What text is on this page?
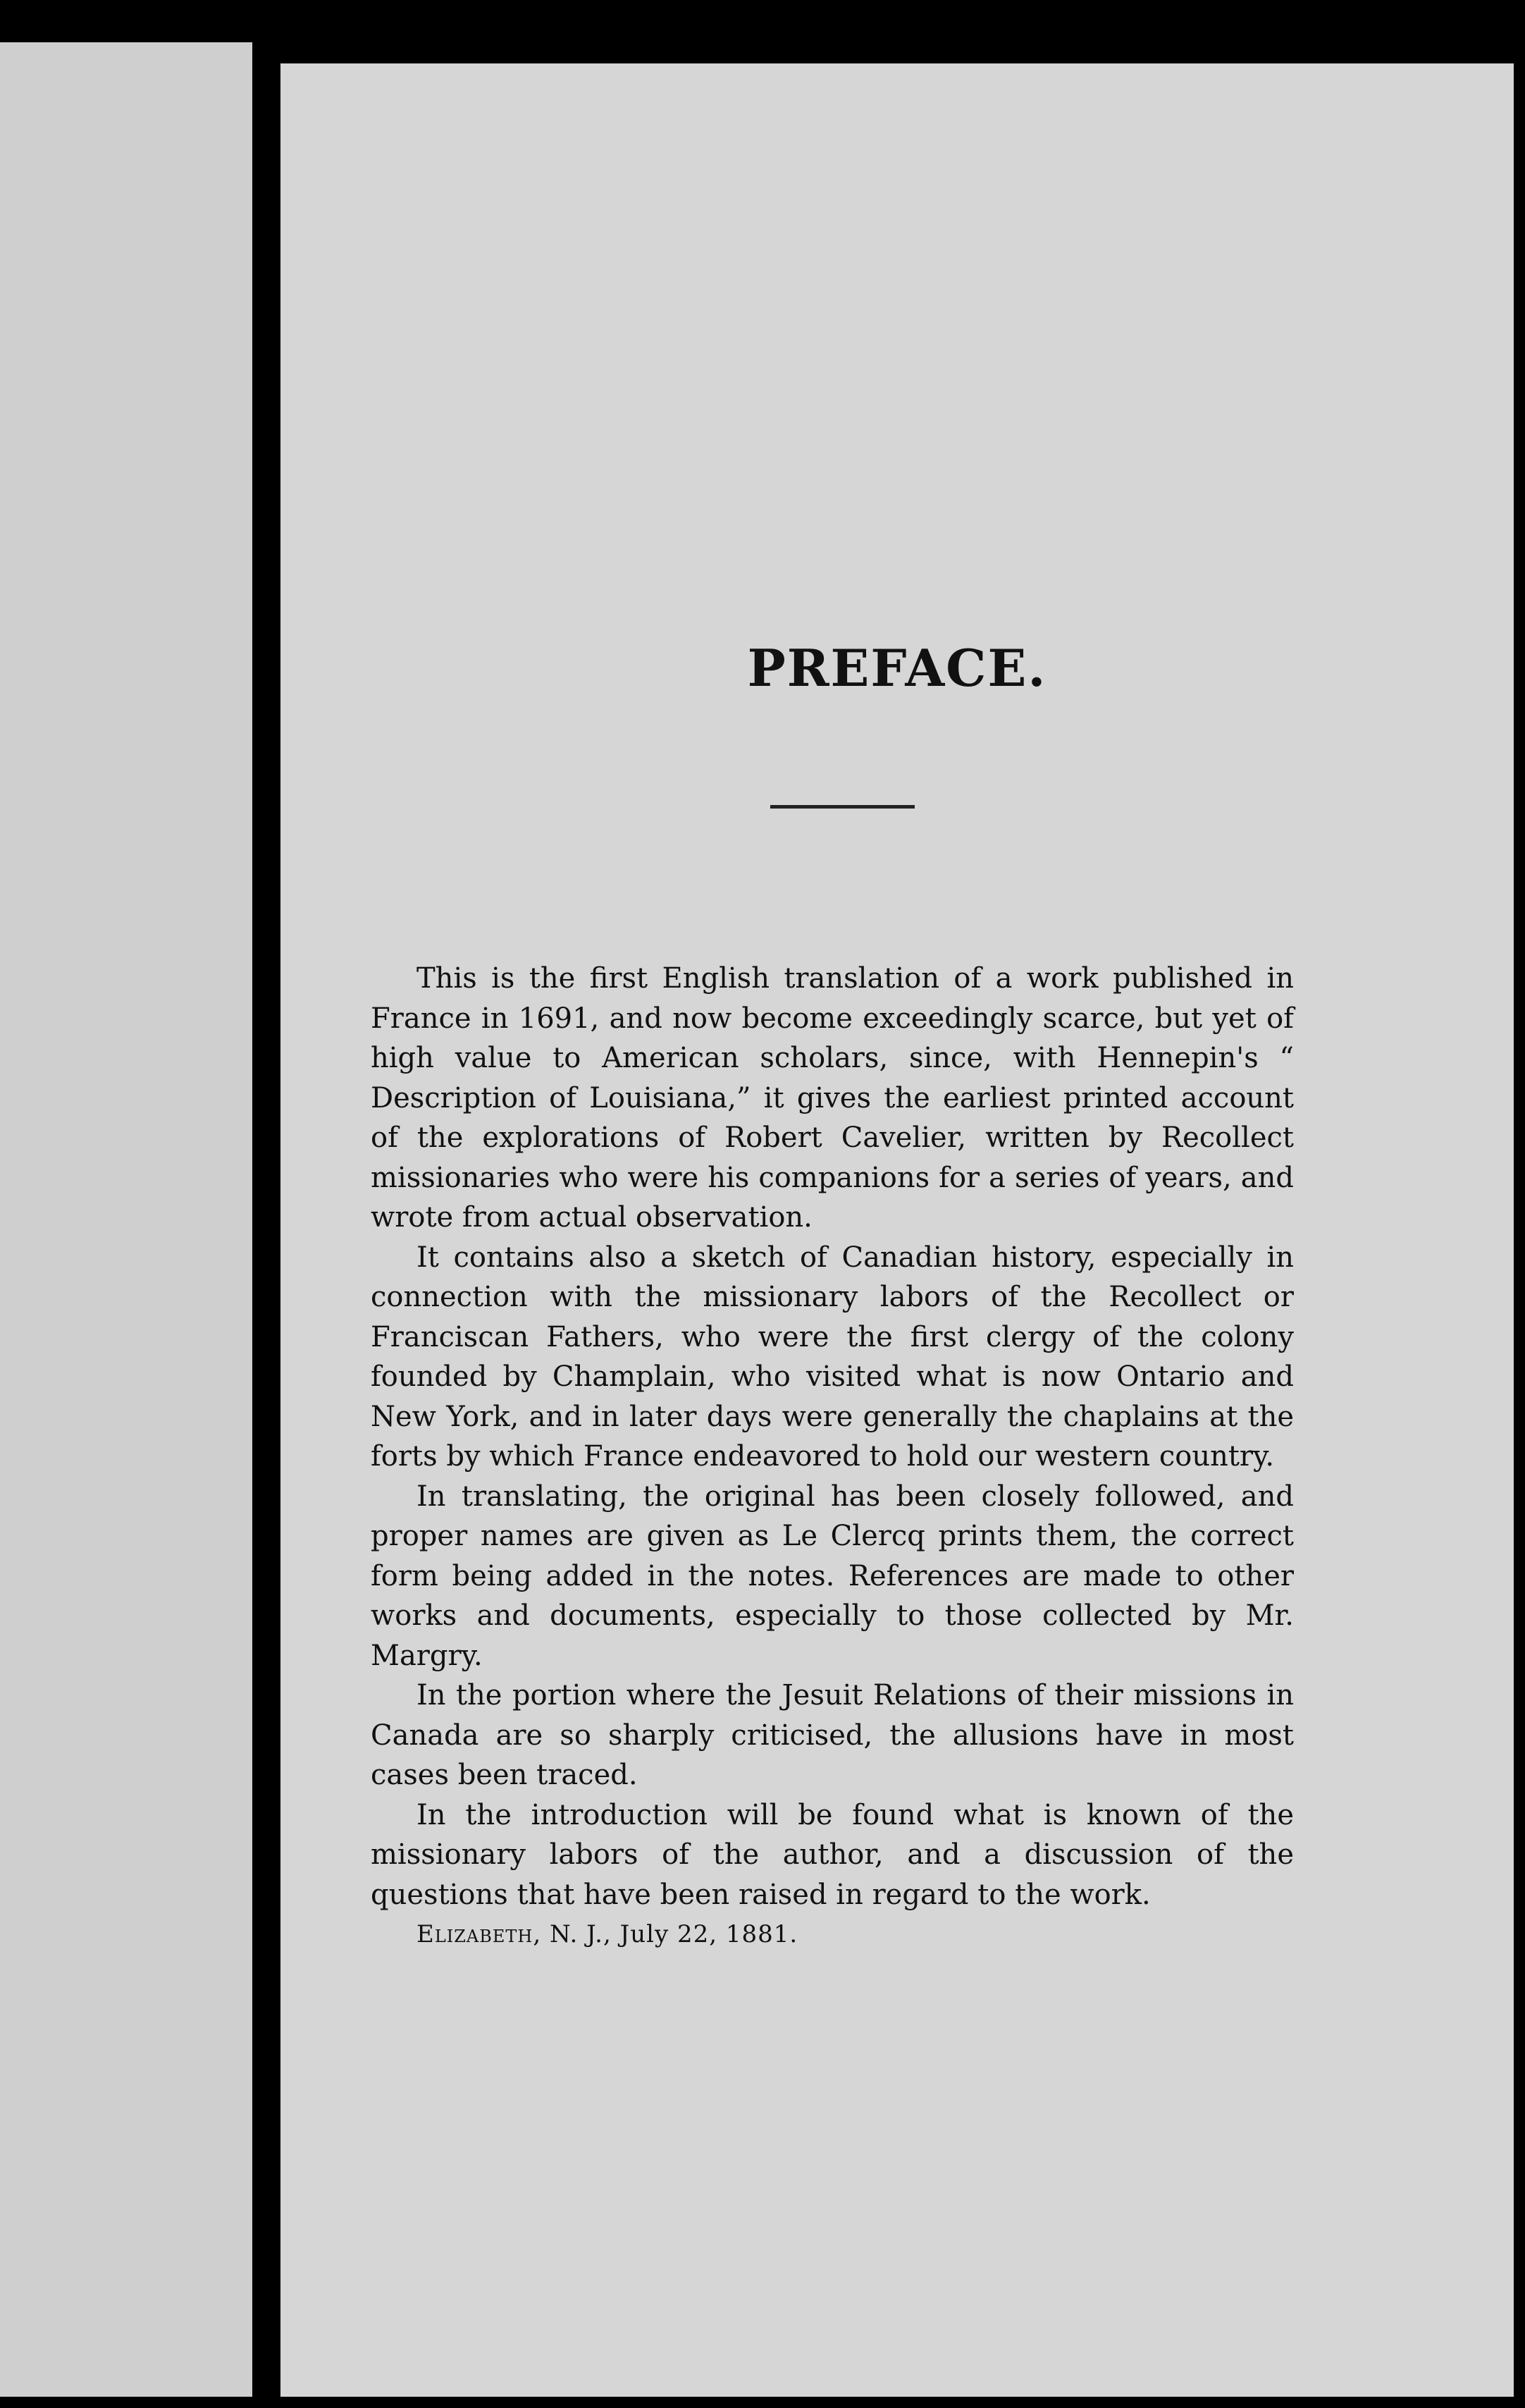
PREFACE.

This is the first English translation of a work published in France in 1691, and now become exceedingly scarce, but yet of high value to American scholars, since, with Hennepin's “ Description of Louisiana,” it gives the earliest printed account of the explorations of Robert Cavelier, written by Recollect missionaries who were his companions for a series of years, and wrote from actual observation.

It contains also a sketch of Canadian history, especially in connection with the missionary labors of the Recollect or Franciscan Fathers, who were the first clergy of the colony founded by Champlain, who visited what is now Ontario and New York, and in later days were generally the chaplains at the forts by which France endeavored to hold our western country.

In translating, the original has been closely followed, and proper names are given as Le Clercq prints them, the correct form being added in the notes. References are made to other works and documents, especially to those collected by Mr. Margry.

In the portion where the Jesuit Relations of their missions in Canada are so sharply criticised, the allusions have in most cases been traced.

In the introduction will be found what is known of the missionary labors of the author, and a discussion of the questions that have been raised in regard to the work.

Elizabeth, N. J., July 22, 1881.
